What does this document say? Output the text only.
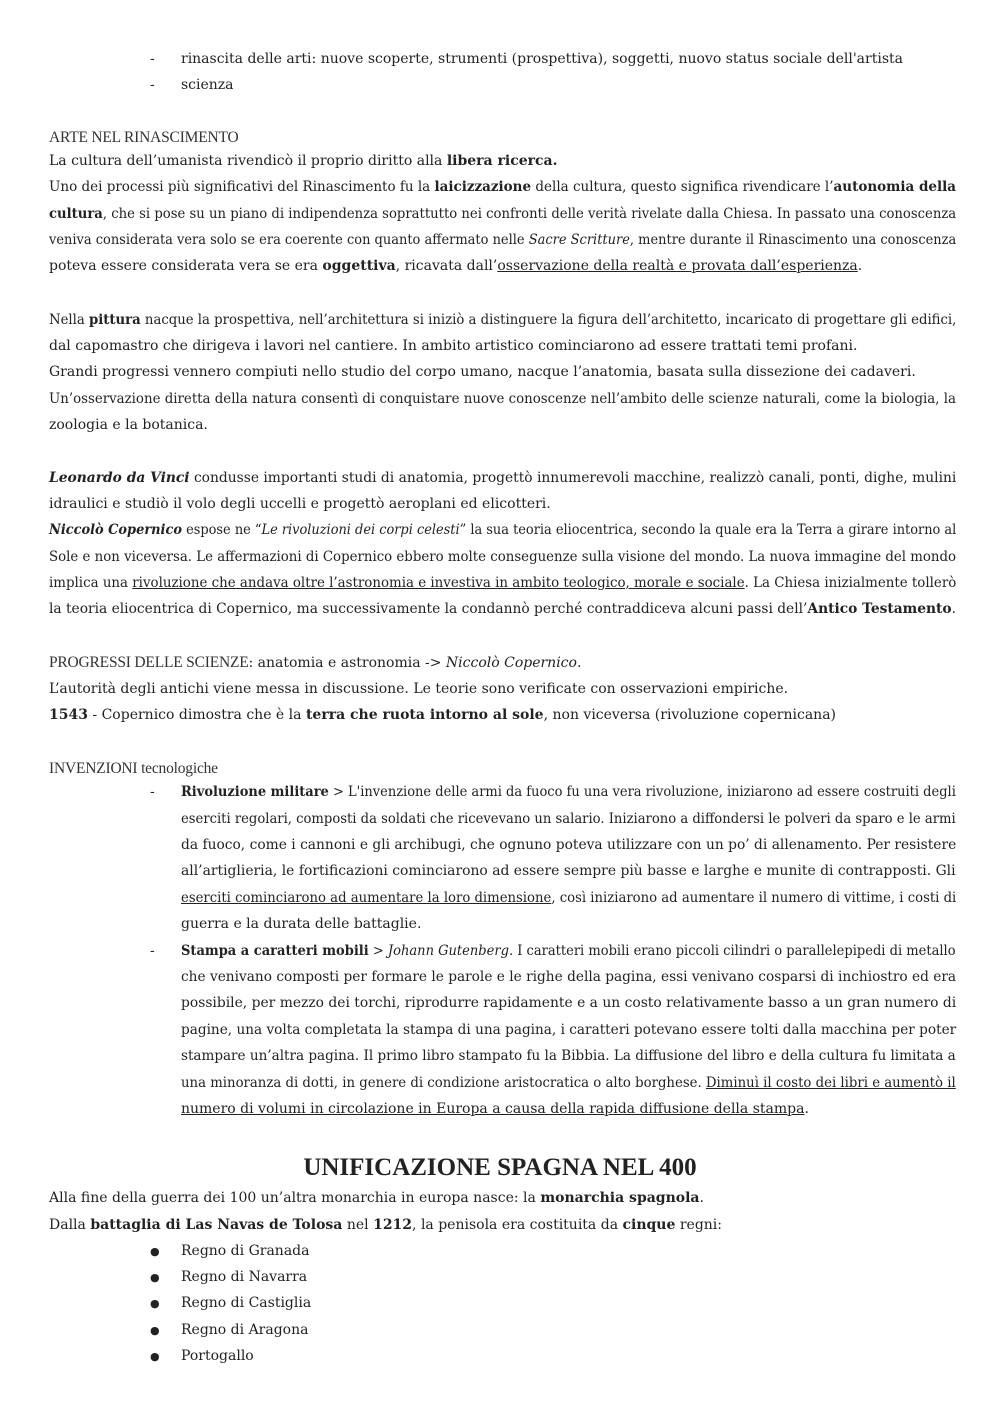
- rinascita delle arti: nuove scoperte, strumenti (prospettiva), soggetti, nuovo status sociale dell'artista
- scienza
ARTE NEL RINASCIMENTO
La cultura dell’umanista rivendicò il proprio diritto alla libera ricerca.
Uno dei processi più significativi del Rinascimento fu la laicizzazione della cultura, questo significa rivendicare l’autonomia della
cultura, che si pose su un piano di indipendenza soprattutto nei confronti delle verità rivelate dalla Chiesa. In passato una conoscenza
veniva considerata vera solo se era coerente con quanto affermato nelle Sacre Scritture, mentre durante il Rinascimento una conoscenza
poteva essere considerata vera se era oggettiva, ricavata dall’osservazione della realtà e provata dall’esperienza.
Nella pittura nacque la prospettiva, nell’architettura si iniziò a distinguere la figura dell’architetto, incaricato di progettare gli edifici,
dal capomastro che dirigeva i lavori nel cantiere. In ambito artistico cominciarono ad essere trattati temi profani.
Grandi progressi vennero compiuti nello studio del corpo umano, nacque l’anatomia, basata sulla dissezione dei cadaveri.
Un’osservazione diretta della natura consentì di conquistare nuove conoscenze nell’ambito delle scienze naturali, come la biologia, la
zoologia e la botanica.
Leonardo da Vinci condusse importanti studi di anatomia, progettò innumerevoli macchine, realizzò canali, ponti, dighe, mulini
idraulici e studiò il volo degli uccelli e progettò aeroplani ed elicotteri.
Niccolò Copernico espose ne “Le rivoluzioni dei corpi celesti” la sua teoria eliocentrica, secondo la quale era la Terra a girare intorno al
Sole e non viceversa. Le affermazioni di Copernico ebbero molte conseguenze sulla visione del mondo. La nuova immagine del mondo
implica una rivoluzione che andava oltre l’astronomia e investiva in ambito teologico, morale e sociale. La Chiesa inizialmente tollerò
la teoria eliocentrica di Copernico, ma successivamente la condannò perché contraddiceva alcuni passi dell’Antico Testamento.
PROGRESSI DELLE SCIENZE: anatomia e astronomia -> Niccolò Copernico.
L’autorità degli antichi viene messa in discussione. Le teorie sono verificate con osservazioni empiriche.
1543 - Copernico dimostra che è la terra che ruota intorno al sole, non viceversa (rivoluzione copernicana)
INVENZIONI tecnologiche
- Rivoluzione militare > L'invenzione delle armi da fuoco fu una vera rivoluzione, iniziarono ad essere costruiti degli
eserciti regolari, composti da soldati che ricevevano un salario. Iniziarono a diffondersi le polveri da sparo e le armi
da fuoco, come i cannoni e gli archibugi, che ognuno poteva utilizzare con un po’ di allenamento. Per resistere
all’artiglieria, le fortificazioni cominciarono ad essere sempre più basse e larghe e munite di contrapposti. Gli
eserciti cominciarono ad aumentare la loro dimensione, così iniziarono ad aumentare il numero di vittime, i costi di
guerra e la durata delle battaglie.
- Stampa a caratteri mobili > Johann Gutenberg. I caratteri mobili erano piccoli cilindri o parallelepipedi di metallo
che venivano composti per formare le parole e le righe della pagina, essi venivano cosparsi di inchiostro ed era
possibile, per mezzo dei torchi, riprodurre rapidamente e a un costo relativamente basso a un gran numero di
pagine, una volta completata la stampa di una pagina, i caratteri potevano essere tolti dalla macchina per poter
stampare un’altra pagina. Il primo libro stampato fu la Bibbia. La diffusione del libro e della cultura fu limitata a
una minoranza di dotti, in genere di condizione aristocratica o alto borghese. Diminuì il costo dei libri e aumentò il
numero di volumi in circolazione in Europa a causa della rapida diffusione della stampa.
UNIFICAZIONE SPAGNA NEL 400
Alla fine della guerra dei 100 un’altra monarchia in europa nasce: la monarchia spagnola.
Dalla battaglia di Las Navas de Tolosa nel 1212, la penisola era costituita da cinque regni:
● Regno di Granada
● Regno di Navarra
● Regno di Castiglia
● Regno di Aragona
● Portogallo
